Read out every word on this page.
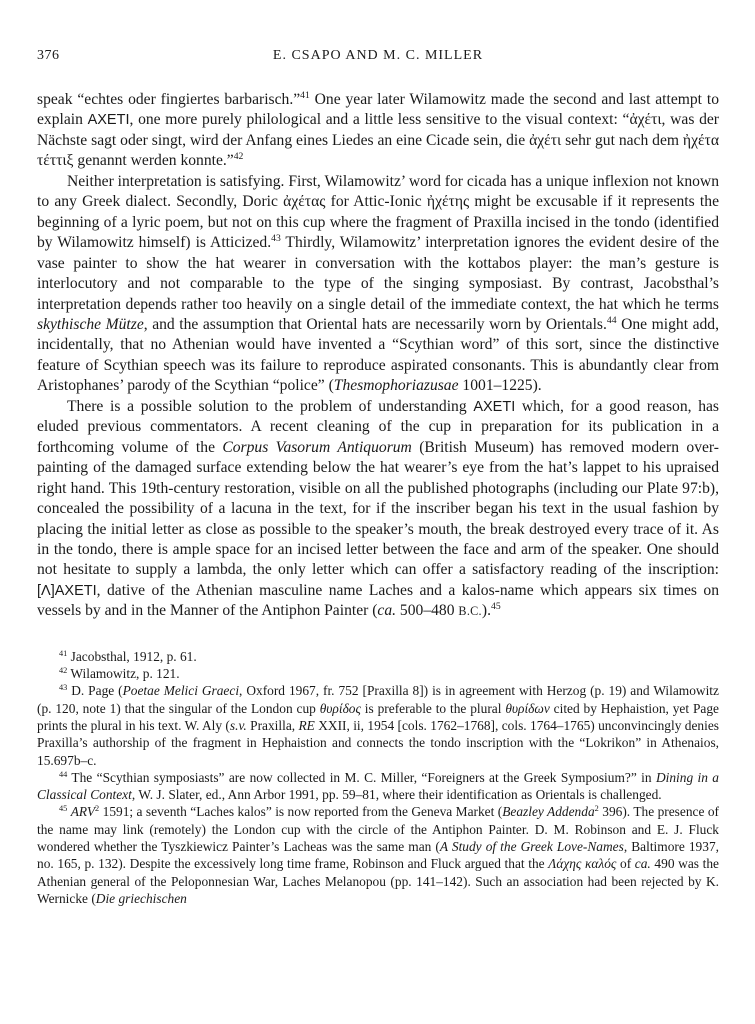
376	E. CSAPO AND M. C. MILLER

speak “echtes oder fingiertes barbarisch.”$^{41}$ One year later Wilamowitz made the second and last attempt to explain AXETI, one more purely philological and a little less sensitive to the visual context: “ἀχέτι, was der Nächste sagt oder singt, wird der Anfang eines Liedes an eine Cicade sein, die ἀχέτι sehr gut nach dem ἠχέτα τέττιξ genannt werden konnte.”$^{42}$

Neither interpretation is satisfying. First, Wilamowitz’ word for cicada has a unique inflexion not known to any Greek dialect. Secondly, Doric ἀχέτας for Attic-Ionic ἠχέτης might be excusable if it represents the beginning of a lyric poem, but not on this cup where the fragment of Praxilla incised in the tondo (identified by Wilamowitz himself) is Atticized.$^{43}$ Thirdly, Wilamowitz’ interpretation ignores the evident desire of the vase painter to show the hat wearer in conversation with the kottabos player: the man’s gesture is interlocutory and not comparable to the type of the singing symposiast. By contrast, Jacobsthal’s interpretation depends rather too heavily on a single detail of the immediate context, the hat which he terms skythische Mütze, and the assumption that Oriental hats are necessarily worn by Orientals.$^{44}$ One might add, incidentally, that no Athenian would have invented a “Scythian word” of this sort, since the distinctive feature of Scythian speech was its failure to reproduce aspirated consonants. This is abundantly clear from Aristophanes’ parody of the Scythian “police” (Thesmophoriazusae 1001–1225).

There is a possible solution to the problem of understanding AXETI which, for a good reason, has eluded previous commentators. A recent cleaning of the cup in preparation for its publication in a forthcoming volume of the Corpus Vasorum Antiquorum (British Museum) has removed modern over-painting of the damaged surface extending below the hat wearer’s eye from the hat’s lappet to his upraised right hand. This 19th-century restoration, visible on all the published photographs (including our Plate 97:b), concealed the possibility of a lacuna in the text, for if the inscriber began his text in the usual fashion by placing the initial letter as close as possible to the speaker’s mouth, the break destroyed every trace of it. As in the tondo, there is ample space for an incised letter between the face and arm of the speaker. One should not hesitate to supply a lambda, the only letter which can offer a satisfactory reading of the inscription: [Λ]AXETI, dative of the Athenian masculine name Laches and a kalos-name which appears six times on vessels by and in the Manner of the Antiphon Painter (ca. 500–480 B.C.).$^{45}$

$^{41}$ Jacobsthal, 1912, p. 61.

$^{42}$ Wilamowitz, p. 121.

$^{43}$ D. Page (Poetae Melici Graeci, Oxford 1967, fr. 752 [Praxilla 8]) is in agreement with Herzog (p. 19) and Wilamowitz (p. 120, note 1) that the singular of the London cup θυρίδος is preferable to the plural θυρίδων cited by Hephaistion, yet Page prints the plural in his text. W. Aly (s.v. Praxilla, RE XXII, ii, 1954 [cols. 1762–1768], cols. 1764–1765) unconvincingly denies Praxilla’s authorship of the fragment in Hephaistion and connects the tondo inscription with the “Lokrikon” in Athenaios, 15.697b–c.

$^{44}$ The “Scythian symposiasts” are now collected in M. C. Miller, “Foreigners at the Greek Symposium?” in Dining in a Classical Context, W. J. Slater, ed., Ann Arbor 1991, pp. 59–81, where their identification as Orientals is challenged.

$^{45}$ ARV$^2$ 1591; a seventh “Laches kalos” is now reported from the Geneva Market (Beazley Addenda$^2$ 396). The presence of the name may link (remotely) the London cup with the circle of the Antiphon Painter. D. M. Robinson and E. J. Fluck wondered whether the Tyszkiewicz Painter’s Lacheas was the same man (A Study of the Greek Love-Names, Baltimore 1937, no. 165, p. 132). Despite the excessively long time frame, Robinson and Fluck argued that the Λάχης καλός of ca. 490 was the Athenian general of the Peloponnesian War, Laches Melanopou (pp. 141–142). Such an association had been rejected by K. Wernicke (Die griechischen
